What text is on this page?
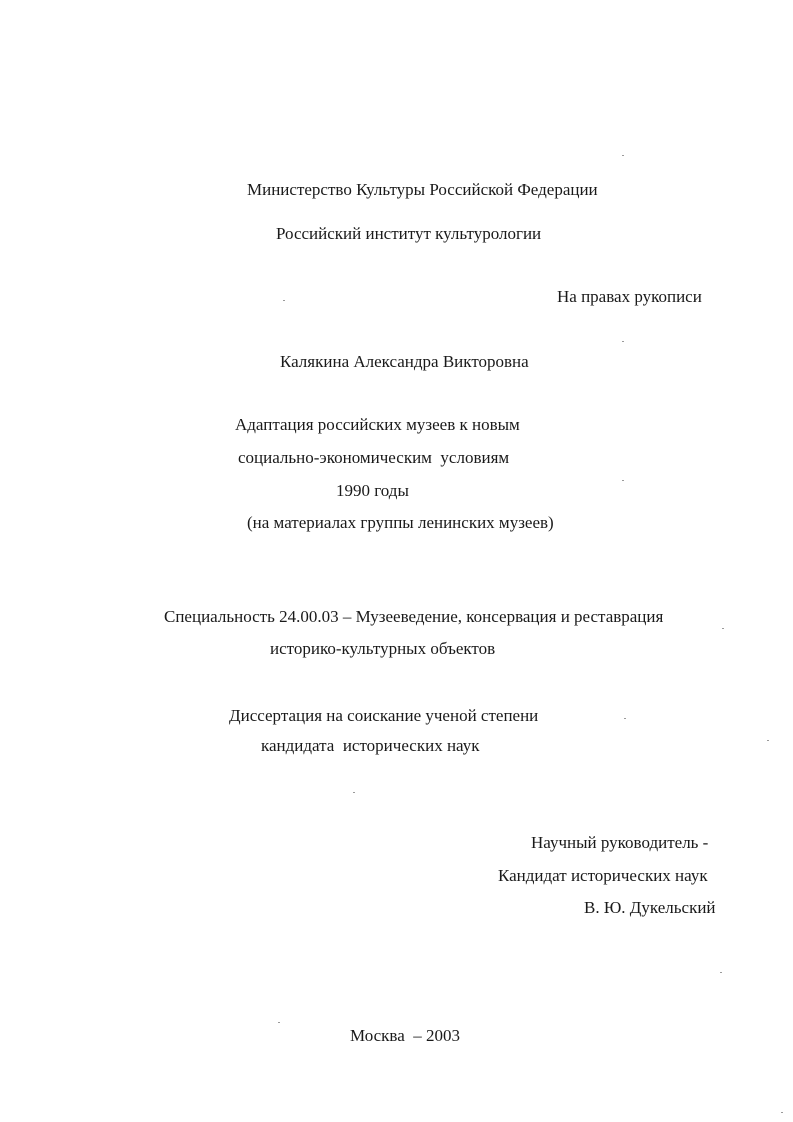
Министерство Культуры Российской Федерации
Российский институт культурологии
На правах рукописи
Калякина Александра Викторовна
Адаптация российских музеев к новым
социально-экономическим  условиям
1990 годы
(на материалах группы ленинских музеев)
Специальность 24.00.03 – Музееведение, консервация и реставрация
историко-культурных объектов
Диссертация на соискание ученой степени
кандидата  исторических наук
Научный руководитель -
Кандидат исторических наук
В. Ю. Дукельский
Москва  – 2003
